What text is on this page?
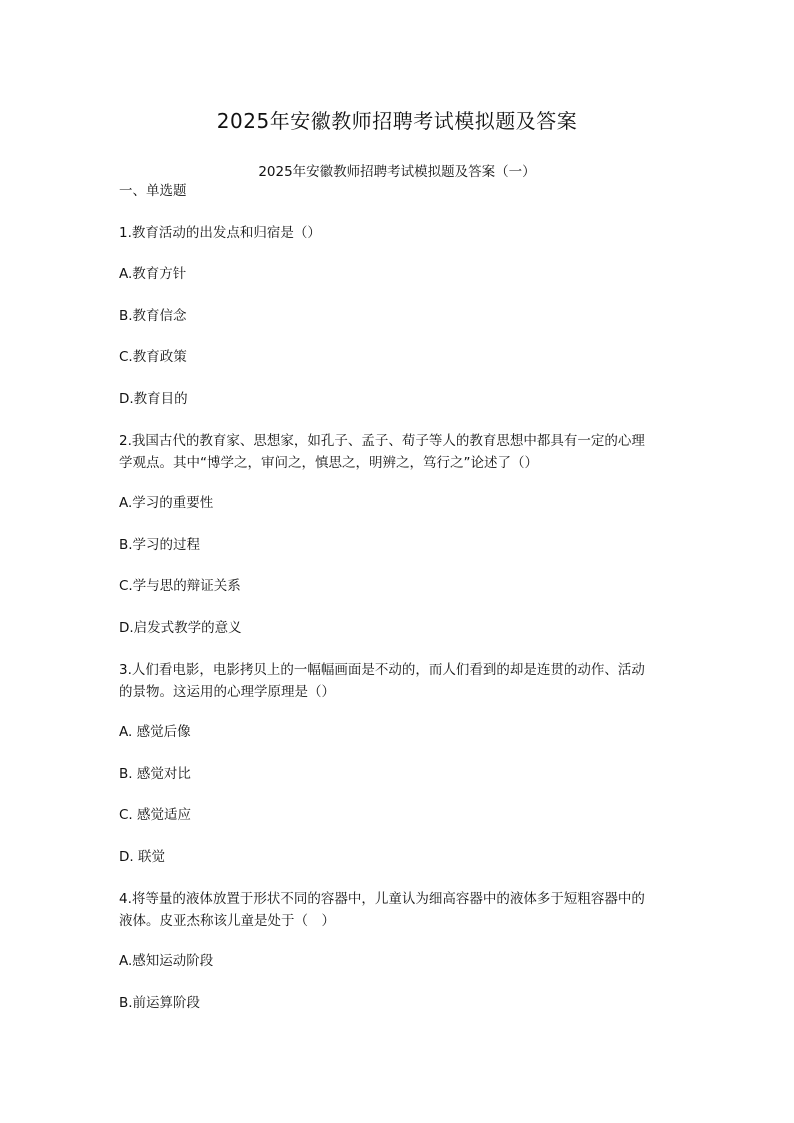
2025年安徽教师招聘考试模拟题及答案
2025年安徽教师招聘考试模拟题及答案（一）
一、单选题
1.教育活动的出发点和归宿是（）
A.教育方针
B.教育信念
C.教育政策
D.教育目的
2.我国古代的教育家、思想家，如孔子、孟子、荀子等人的教育思想中都具有一定的心理
学观点。其中“博学之，审问之，慎思之，明辨之，笃行之”论述了（）
A.学习的重要性
B.学习的过程
C.学与思的辩证关系
D.启发式教学的意义
3.人们看电影，电影拷贝上的一幅幅画面是不动的，而人们看到的却是连贯的动作、活动
的景物。这运用的心理学原理是（）
A. 感觉后像
B. 感觉对比
C. 感觉适应
D. 联觉
4.将等量的液体放置于形状不同的容器中，儿童认为细高容器中的液体多于短粗容器中的
液体。皮亚杰称该儿童是处于（　）
A.感知运动阶段
B.前运算阶段
